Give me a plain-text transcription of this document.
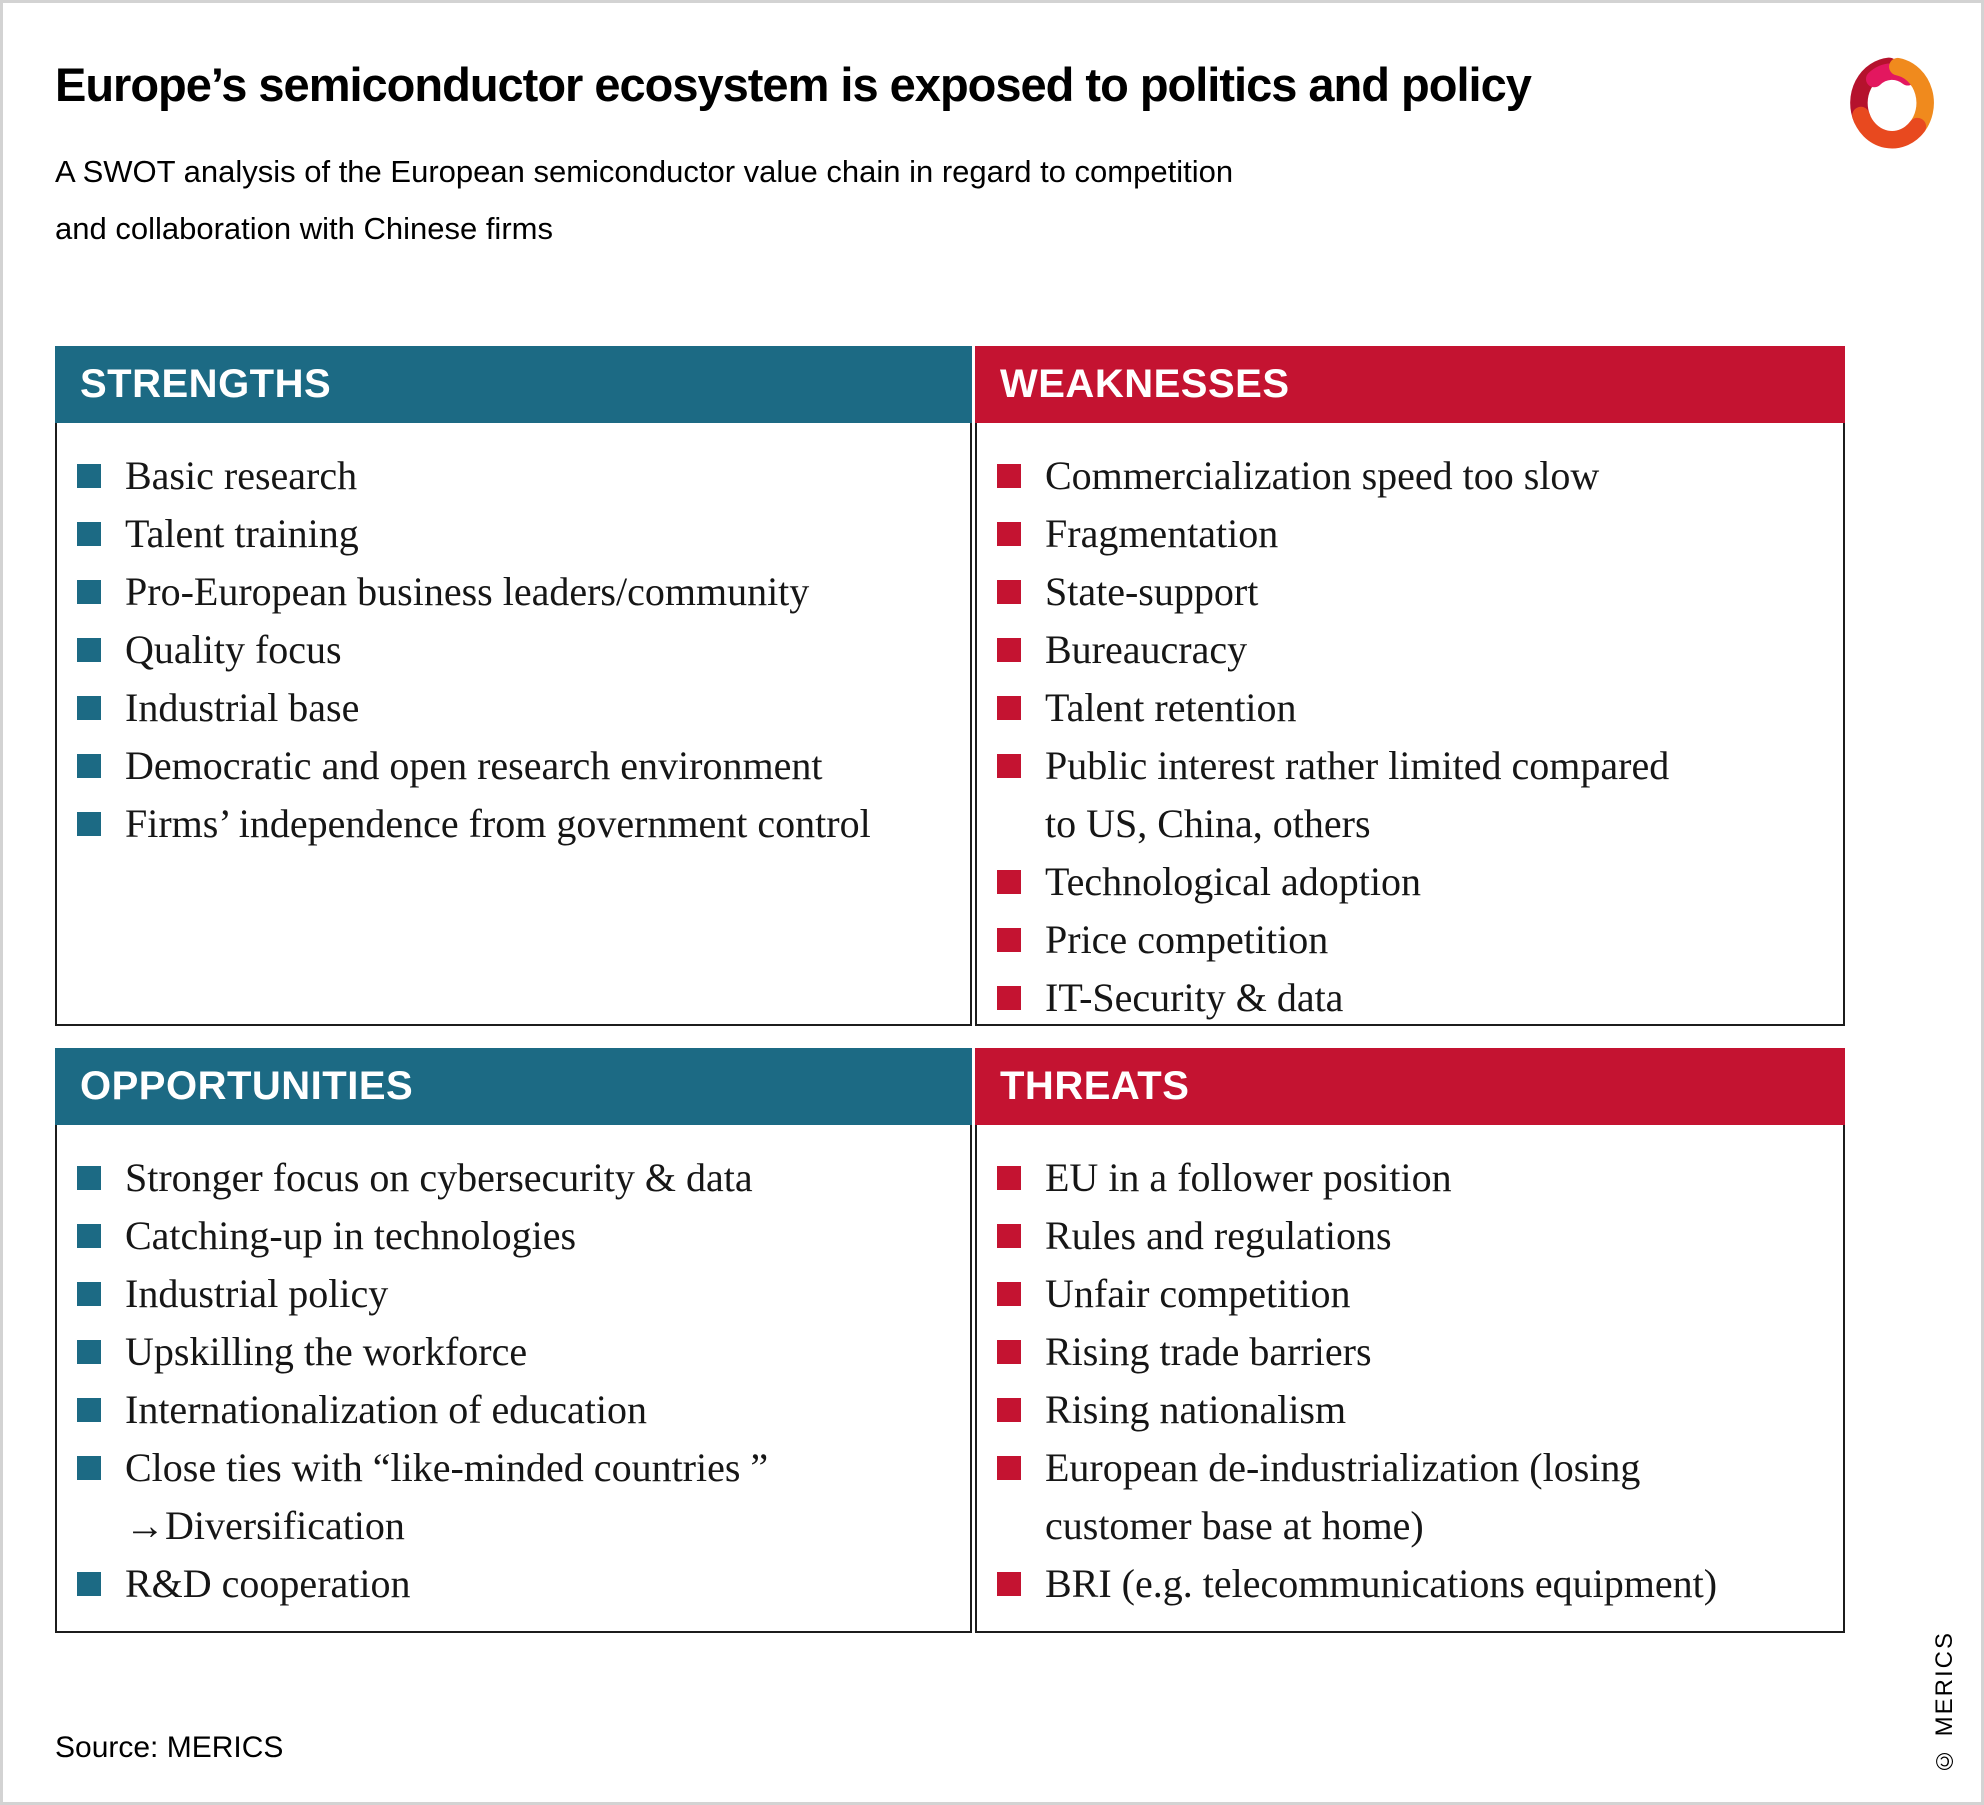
Europe’s semiconductor ecosystem is exposed to politics and policy
A SWOT analysis of the European semiconductor value chain in regard to competition
and collaboration with Chinese firms
STRENGTHS
Basic research
Talent training
Pro-European business leaders/community
Quality focus
Industrial base
Democratic and open research environment
Firms’ independence from government control
WEAKNESSES
Commercialization speed too slow
Fragmentation
State-support
Bureaucracy
Talent retention
Public interest rather limited compared
to US, China, others
Technological adoption
Price competition
IT-Security & data
OPPORTUNITIES
Stronger focus on cybersecurity & data
Catching-up in technologies
Industrial policy
Upskilling the workforce
Internationalization of education
Close ties with “like-minded countries ”
→Diversification
R&D cooperation
THREATS
EU in a follower position
Rules and regulations
Unfair competition
Rising trade barriers
Rising nationalism
European de-industrialization (losing
customer base at home)
BRI (e.g. telecommunications equipment)
Source: MERICS	© MERICS
